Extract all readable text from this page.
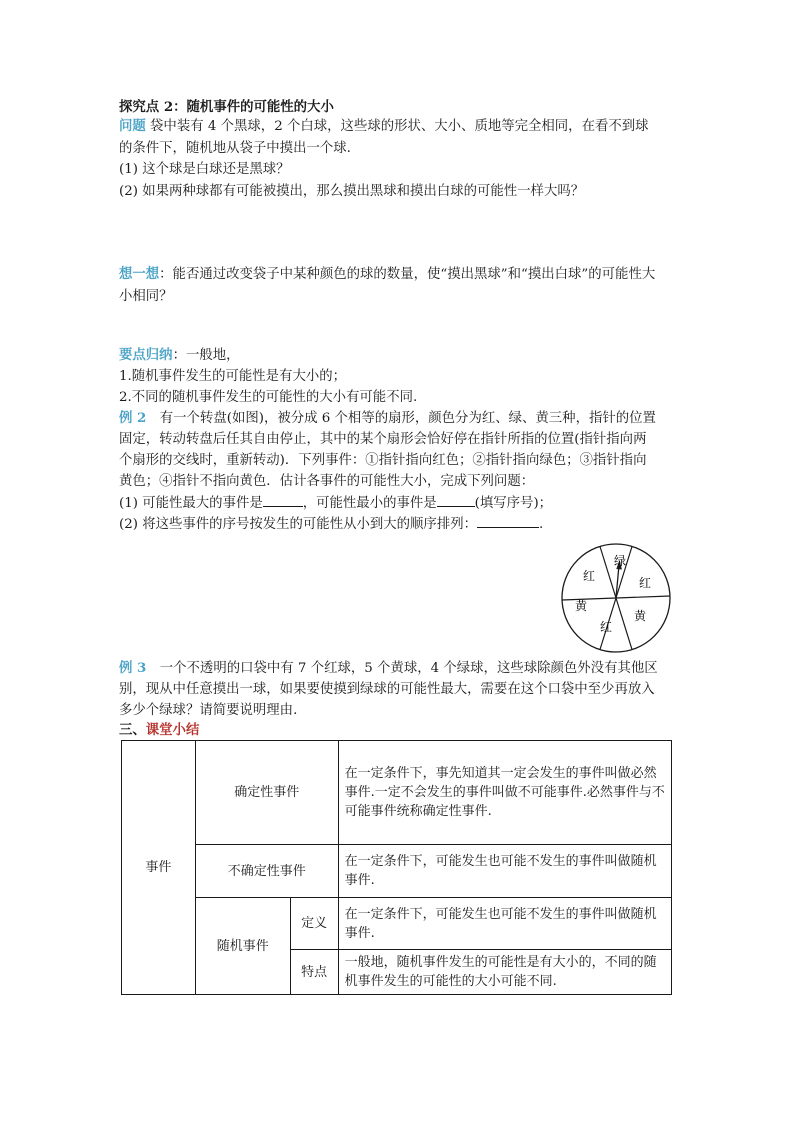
探究点 2：随机事件的可能性的大小
问题 袋中装有 4 个黑球，2 个白球，这些球的形状、大小、质地等完全相同，在看不到球
的条件下，随机地从袋子中摸出一个球.
(1) 这个球是白球还是黑球？
(2) 如果两种球都有可能被摸出，那么摸出黑球和摸出白球的可能性一样大吗？
想一想：能否通过改变袋子中某种颜色的球的数量，使“摸出黑球”和“摸出白球”的可能性大
小相同？
要点归纳：一般地，
1.随机事件发生的可能性是有大小的；
2.不同的随机事件发生的可能性的大小有可能不同.
例 2　有一个转盘(如图)，被分成 6 个相等的扇形，颜色分为红、绿、黄三种，指针的位置
固定，转动转盘后任其自由停止，其中的某个扇形会恰好停在指针所指的位置(指针指向两
个扇形的交线时，重新转动)．下列事件：①指针指向红色；②指针指向绿色；③指针指向
黄色；④指针不指向黄色．估计各事件的可能性大小，完成下列问题：
(1) 可能性最大的事件是	，可能性最小的事件是	(填写序号)；
(2) 将这些事件的序号按发生的可能性从小到大的顺序排列：	.
绿
红
黄
红
黄
红
例 3　一个不透明的口袋中有 7 个红球，5 个黄球，4 个绿球，这些球除颜色外没有其他区
别，现从中任意摸出一球，如果要使摸到绿球的可能性最大，需要在这个口袋中至少再放入
多少个绿球？请简要说明理由.
三、课堂小结
事件	确定性事件		在一定条件下，事先知道其一定会发生的事件叫做必然事件.一定不会发生的事件叫做不可能事件.必然事件与不可能事件统称确定性事件.
	不确定性事件		在一定条件下，可能发生也可能不发生的事件叫做随机事件.
	随机事件	定义	在一定条件下，可能发生也可能不发生的事件叫做随机事件.
		特点	一般地，随机事件发生的可能性是有大小的，不同的随机事件发生的可能性的大小可能不同.
